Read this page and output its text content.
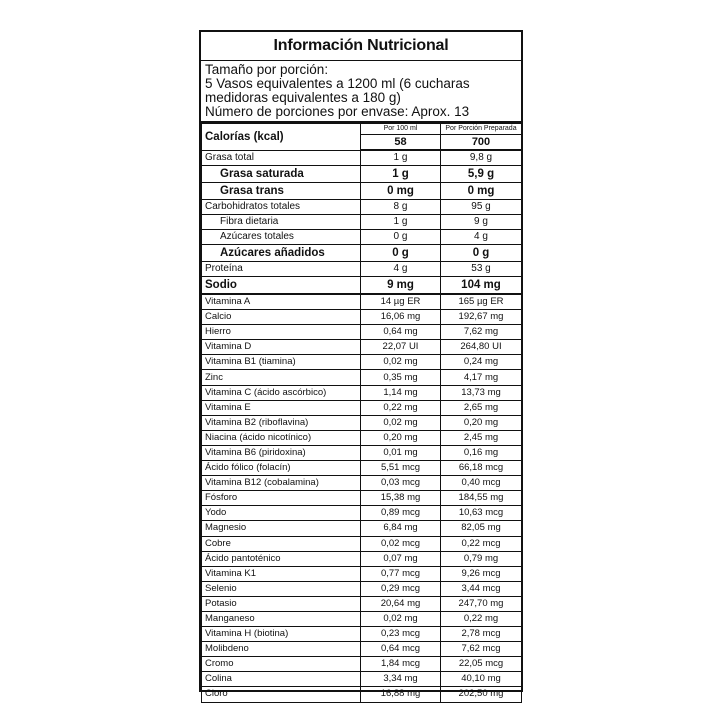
Información Nutricional
Tamaño por porción:
5 Vasos equivalentes a 1200 ml (6 cucharas
medidoras equivalentes a 180 g)
Número de porciones por envase: Aprox. 13
Calorías (kcal)	Por 100 ml	Por Porción Preparada
	58	700
Grasa total	1 g	9,8 g
Grasa saturada	1 g	5,9 g
Grasa trans	0 mg	0 mg
Carbohidratos totales	8 g	95 g
Fibra dietaria	1 g	9 g
Azúcares totales	0 g	4 g
Azúcares añadidos	0 g	0 g
Proteína	4 g	53 g
Sodio	9 mg	104 mg
Vitamina A	14 µg ER	165 µg ER
Calcio	16,06 mg	192,67 mg
Hierro	0,64 mg	7,62 mg
Vitamina D	22,07 UI	264,80 UI
Vitamina B1 (tiamina)	0,02 mg	0,24 mg
Zinc	0,35 mg	4,17 mg
Vitamina C (ácido ascórbico)	1,14 mg	13,73 mg
Vitamina E	0,22 mg	2,65 mg
Vitamina B2 (riboflavina)	0,02 mg	0,20 mg
Niacina (ácido nicotínico)	0,20 mg	2,45 mg
Vitamina B6 (piridoxina)	0,01 mg	0,16 mg
Ácido fólico (folacín)	5,51 mcg	66,18 mcg
Vitamina B12 (cobalamina)	0,03 mcg	0,40 mcg
Fósforo	15,38 mg	184,55 mg
Yodo	0,89 mcg	10,63 mcg
Magnesio	6,84 mg	82,05 mg
Cobre	0,02 mcg	0,22 mcg
Ácido pantoténico	0,07 mg	0,79 mg
Vitamina K1	0,77 mcg	9,26 mcg
Selenio	0,29 mcg	3,44 mcg
Potasio	20,64 mg	247,70 mg
Manganeso	0,02 mg	0,22 mg
Vitamina H (biotina)	0,23 mcg	2,78 mcg
Molibdeno	0,64 mcg	7,62 mcg
Cromo	1,84 mcg	22,05 mcg
Colina	3,34 mg	40,10 mg
Cloro	16,88 mg	202,50 mg
